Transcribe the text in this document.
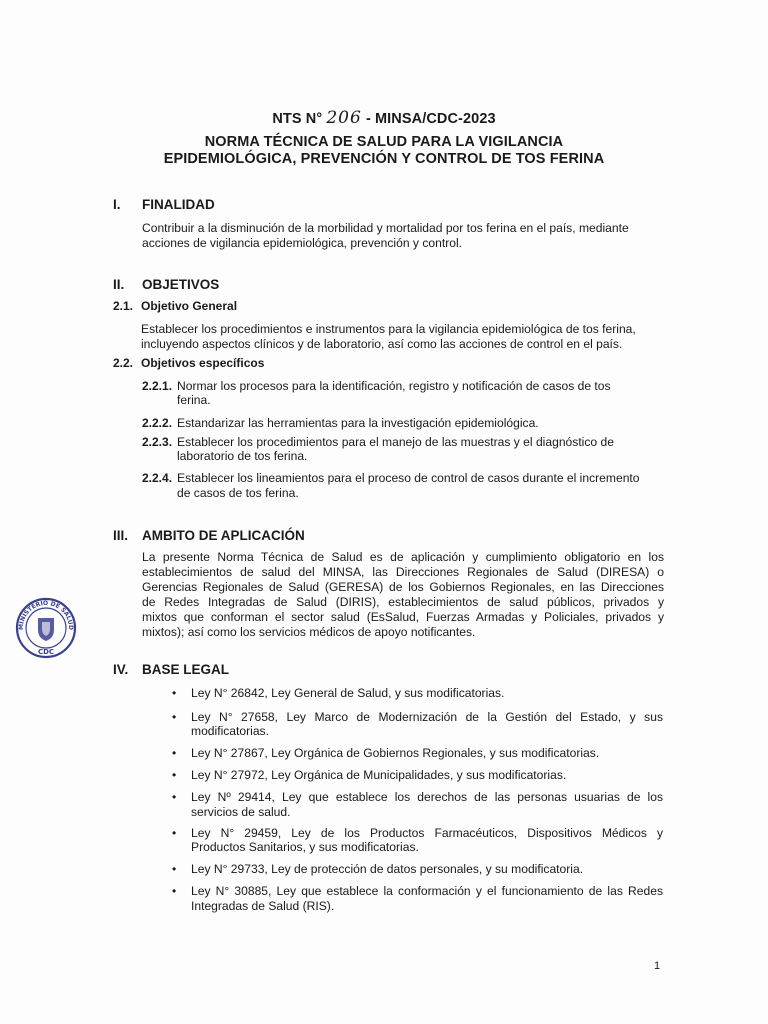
NTS N° 206 - MINSA/CDC-2023
NORMA TÉCNICA DE SALUD PARA LA VIGILANCIA
EPIDEMIOLÓGICA, PREVENCIÓN Y CONTROL DE TOS FERINA
I. FINALIDAD
Contribuir a la disminución de la morbilidad y mortalidad por tos ferina en el país, mediante
acciones de vigilancia epidemiológica, prevención y control.
II. OBJETIVOS
2.1. Objetivo General
Establecer los procedimientos e instrumentos para la vigilancia epidemiológica de tos ferina,
incluyendo aspectos clínicos y de laboratorio, así como las acciones de control en el país.
2.2. Objetivos específicos
2.2.1. Normar los procesos para la identificación, registro y notificación de casos de tos
ferina.
2.2.2. Estandarizar las herramientas para la investigación epidemiológica.
2.2.3. Establecer los procedimientos para el manejo de las muestras y el diagnóstico de
laboratorio de tos ferina.
2.2.4. Establecer los lineamientos para el proceso de control de casos durante el incremento
de casos de tos ferina.
III. AMBITO DE APLICACIÓN
La presente Norma Técnica de Salud es de aplicación y cumplimiento obligatorio en los
establecimientos de salud del MINSA, las Direcciones Regionales de Salud (DIRESA) o
Gerencias Regionales de Salud (GERESA) de los Gobiernos Regionales, en las Direcciones
de Redes Integradas de Salud (DIRIS), establecimientos de salud públicos, privados y
mixtos que conforman el sector salud (EsSalud, Fuerzas Armadas y Policiales, privados y
mixtos); así como los servicios médicos de apoyo notificantes.
MINISTERIO DE SALUD
CDC
IV. BASE LEGAL
• Ley N° 26842, Ley General de Salud, y sus modificatorias.
• Ley N° 27658, Ley Marco de Modernización de la Gestión del Estado, y sus
modificatorias.
• Ley N° 27867, Ley Orgánica de Gobiernos Regionales, y sus modificatorias.
• Ley N° 27972, Ley Orgánica de Municipalidades, y sus modificatorias.
• Ley Nº 29414, Ley que establece los derechos de las personas usuarias de los
servicios de salud.
• Ley N° 29459, Ley de los Productos Farmacéuticos, Dispositivos Médicos y
Productos Sanitarios, y sus modificatorias.
• Ley N° 29733, Ley de protección de datos personales, y su modificatoria.
• Ley N° 30885, Ley que establece la conformación y el funcionamiento de las Redes
Integradas de Salud (RIS).
1
